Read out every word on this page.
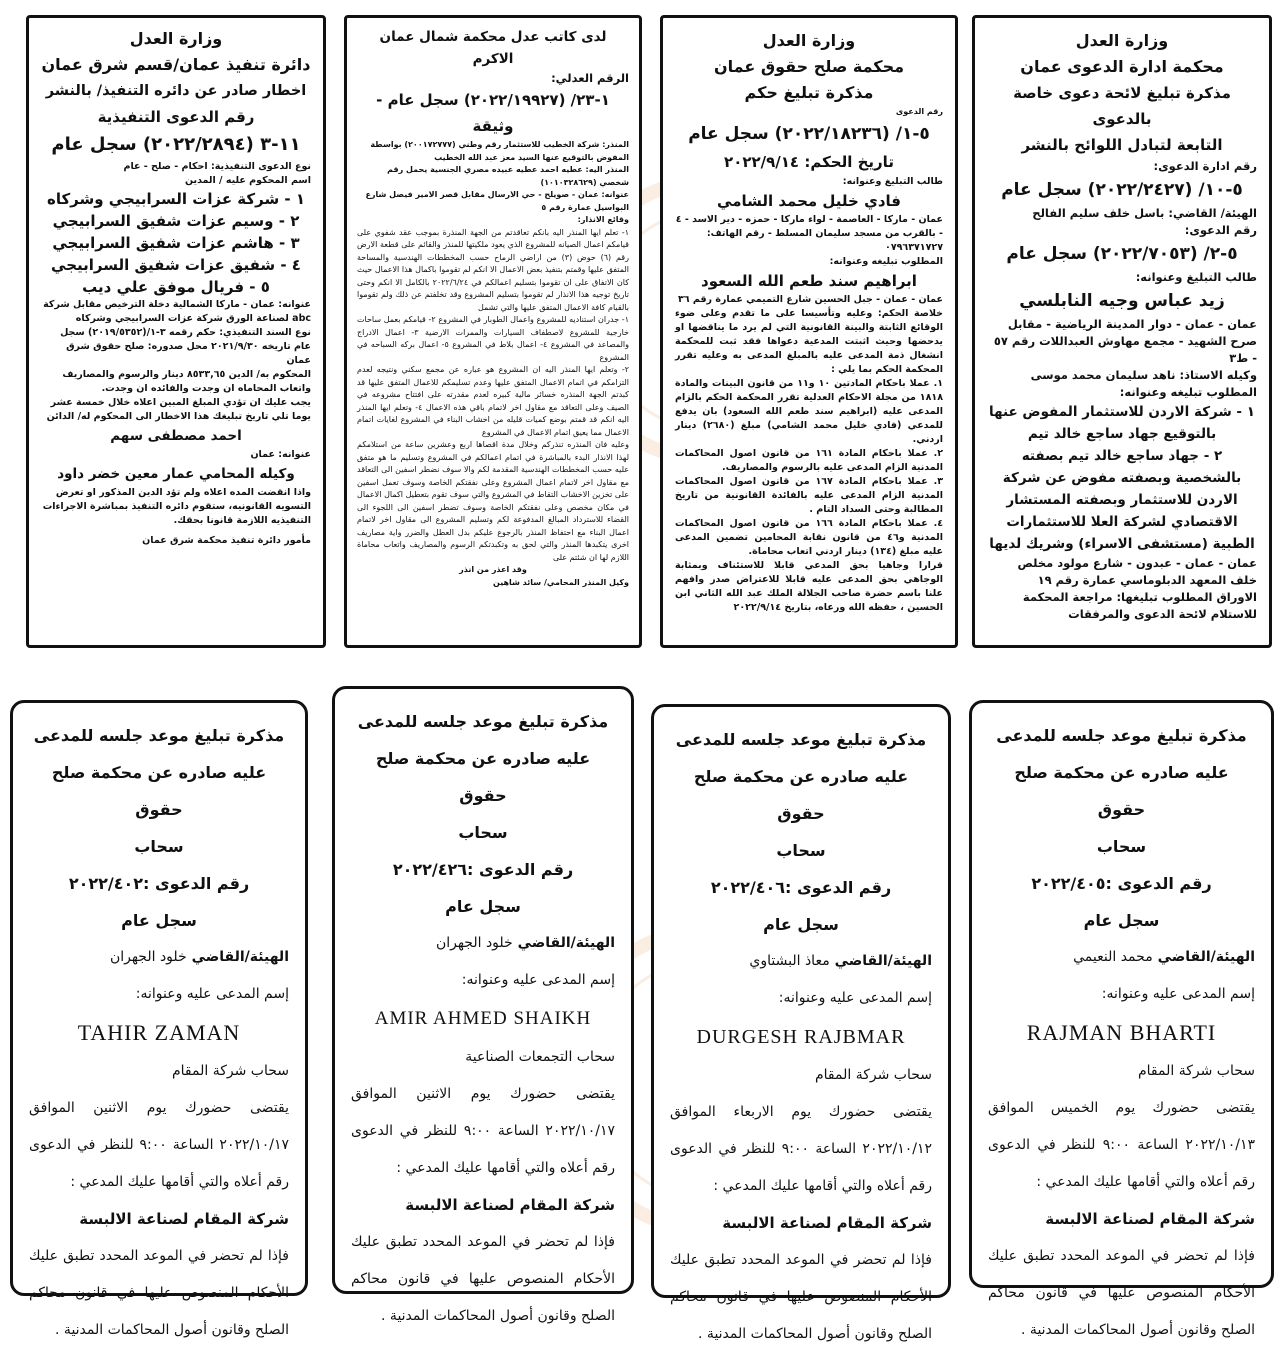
وزارة العدل
محكمة ادارة الدعوى عمان
مذكرة تبليغ لائحة دعوى خاصة بالدعوى
التابعة لتبادل اللوائح بالنشر
رقم ادارة الدعوى:
٥-١٠/ (٢٠٢٢/٢٤٢٧) سجل عام
الهيئة/ القاضي: باسل خلف سليم الفالح
رقم الدعوى:
٥-٢/ (٢٠٢٢/٧٠٥٣) سجل عام
طالب التبليغ وعنوانه:
زيد عباس وجيه النابلسي
عمان - عمان - دوار المدينة الرياضية - مقابل صرح الشهيد - مجمع مهاوش العبداللات رقم ٥٧ - ط٣
وكيله الاستاذ: ناهد سليمان محمد موسى
المطلوب تبليغه وعنوانه:
١ - شركة الاردن للاستثمار المفوض عنها بالتوقيع جهاد ساجع خالد تيم
٢ - جهاد ساجع خالد تيم بصفته بالشخصية وبصفته مفوض عن شركة الاردن للاستثمار وبصفته المستشار الاقتصادي لشركة العلا للاستثمارات الطبية (مستشفى الاسراء) وشريك لديها
عمان - عمان - عبدون - شارع مولود مخلص خلف المعهد الدبلوماسي عمارة رقم ١٩
الاوراق المطلوب تبليغها: مراجعة المحكمة للاستلام لائحة الدعوى والمرفقات
وزارة العدل
محكمة صلح حقوق عمان
مذكرة تبليغ حكم
رقم الدعوى
٥-١/ (٢٠٢٢/١٨٢٣٦) سجل عام
تاريخ الحكم: ٢٠٢٢/٩/١٤
طالب التبليغ وعنوانه:
فادي خليل محمد الشامي
عمان - ماركا - العاصمة - لواء ماركا - حمزه - دير الاسد - ٤ - بالقرب من مسجد سليمان المسلط - رقم الهاتف: ٠٧٩٦٣٧١٧٢٧
المطلوب تبليغه وعنوانه:
ابراهيم سند طعم الله السعود
عمان - عمان - جبل الحسين شارع التميمي عمارة رقم ٣٦
خلاصة الحكم: وعليه وتأسيسا على ما تقدم وعلى ضوء الوقائع الثابتة والبينة القانونية التي لم يرد ما يناقضها او يدحضها وحيث اثبتت المدعية دعواها فقد ثبت للمحكمة انشغال ذمة المدعى عليه بالمبلغ المدعى به وعليه تقرر المحكمة الحكم بما يلي :
١. عملا باحكام المادتين ١٠ و١١ من قانون البينات والمادة ١٨١٨ من مجلة الاحكام العدلية تقرر المحكمة الحكم بالزام المدعى عليه (ابراهيم سند طعم الله السعود) بان يدفع للمدعي (فادي خليل محمد الشامي) مبلغ (٢٦٨٠) دينار اردني.
٢. عملا باحكام المادة ١٦١ من قانون اصول المحاكمات المدنية الزام المدعى عليه بالرسوم والمصاريف.
٣. عملا باحكام المادة ١٦٧ من قانون اصول المحاكمات المدنية الزام المدعى عليه بالفائدة القانونية من تاريخ المطالبة وحتى السداد التام .
٤. عملا باحكام المادة ١٦٦ من قانون اصول المحاكمات المدنية و٤٦ من قانون نقابة المحامين تضمين المدعى عليه مبلغ (١٣٤) دينار اردني اتعاب محاماة.
قرارا وجاهيا بحق المدعي قابلا للاستئناف وبمثابة الوجاهي بحق المدعى عليه قابلا للاعتراض صدر وافهم علنا باسم حضرة صاحب الجلالة الملك عبد الله الثاني ابن الحسين ، حفظه الله ورعاه، بتاريخ ٢٠٢٢/٩/١٤
لدى كاتب عدل محكمة شمال عمان الاكرم
الرقم العدلي:
١-٢٣/ (٢٠٢٢/١٩٩٢٧) سجل عام - وثيقة
المنذر: شركة الخطيب للاستثمار رقم وطني (٢٠٠١٧٢٧٧٧) بواسطة المفوض بالتوقيع عنها السيد معز عبد الله الخطيب
المنذر اليه: عطيه احمد عطيه عبيده مصري الجنسية يحمل رقم شخصي (١٠١٠٣٢٨٦٢٩)
عنوانه: عمان - صويلح - حي الارسال مقابل قصر الامير فيصل شارع البواسيل عمارة رقم ٥
وقائع الانذار:
١- تعلم ايها المنذر اليه بانكم تعاقدتم من الجهة المنذرة بموجب عقد شفوي على قيامكم اعمال الصيانه للمشروع الذي يعود ملكيتها للمنذر والقائم على قطعة الارض رقم (٦) حوض (٣) من اراضي الرماح حسب المخططات الهندسية والمساحة المتفق عليها وقمتم بتنفيذ بعض الاعمال الا انكم لم تقوموا باكمال هذا الاعمال حيث كان الاتفاق على ان تقوموا بتسليم اعمالكم في ٢٠٢٢/٦/٢٤ بالكامل الا انكم وحتى تاريخ توجيه هذا الانذار لم تقوموا بتسليم المشروع وقد تخلفتم عن ذلك ولم تقوموا بالقيام كافة الاعمال المتفق عليها والتي تشمل
١- جدران استناديه للمشروع واعمال الطوبار في المشروع ٢- قيامكم بعمل ساحات خارجية للمشروع لاصطفاف السيارات والممرات الارضية ٣- اعمال الادراج والمصاعد في المشروع ٤- اعمال بلاط في المشروع ٥- اعمال بركه السباحه في المشروع
٢- وتعلم ايها المنذر اليه ان المشروع هو عباره عن مجمع سكني ونتيجه لعدم التزامكم في اتمام الاعمال المتفق عليها وعدم تسليمكم للاعمال المتفق عليها قد كبدتم الجهة المنذره خسائر مالية كبيره لعدم مقدرته على افتتاح مشروعه في الصيف وعلى التعاقد مع مقاول اخر لاتمام باقي هذه الاعمال ٤- وتعلم ايها المنذر اليه انكم قد قمتم بوضع كميات قليله من اخشاب البناء في المشروع لغايات اتمام الاعمال مما يعيق اتمام الاعمال في المشروع
وعليه فان المنذره تنذركم وخلال مدة اقصاها اربع وعشرين ساعة من استلامكم لهذا الانذار البدء بالمباشرة في اتمام اعمالكم في المشروع وتسليم ما هو متفق عليه حسب المخططات الهندسية المقدمة لكم والا سوف نضطر اسفين الى التعاقد مع مقاول اخر لاتمام اعمال المشروع وعلى نفقتكم الخاصة وسوف تعمل اسفين على تخزين الاخشاب التقاط في المشروع والتي سوف تقوم بتعطيل اكمال الاعمال في مكان مخصص وعلى نفقتكم الخاصة وسوف تضطر اسفين الى اللجوء الى القضاء للاسترداد المبالغ المدفوعة لكم وتسليم المشروع الى مقاول اخر لاتمام اعمال البناء مع احتفاظ المنذر بالرجوع عليكم بدل العطل والضرر واية مصاريف اخرى يتكبدها المنذر والتي لحق به وتكبدتكم الرسوم والمصاريف واتعاب محاماة اللازم لها ان شئتم على
وقد اعذر من انذر
وكيل المنذر المحامي/ سائد شاهين
وزارة العدل
دائرة تنفيذ عمان/قسم شرق عمان
اخطار صادر عن دائره التنفيذ/ بالنشر
رقم الدعوى التنفيذية
١١-٣ (٢٠٢٢/٢٨٩٤) سجل عام
نوع الدعوى التنفيذية: احكام - صلح - عام
اسم المحكوم عليه / المدين
١ - شركة عزات السرابيجي وشركاه
٢ - وسيم عزات شفيق السرابيجي
٣ - هاشم عزات شفيق السرابيجي
٤ - شفيق عزات شفيق السرابيجي
٥ - فريال موفق علي ديب
عنوانه: عمان - ماركا الشمالية دخلة الترخيص مقابل شركة abc لصناعة الورق شركة عزات السرابيجي وشركاه
نوع السند التنفيذي: حكم رقمه ٣-١/(٢٠١٩/٥٣٥٢) سجل عام تاريخه ٢٠٢١/٩/٣٠ محل صدوره: صلح حقوق شرق عمان
المحكوم به/ الدين ٨٥٣٣,٦٥ دينار والرسوم والمصاريف واتعاب المحاماه ان وجدت والفائده ان وجدت.
يجب عليك ان تؤدي المبلغ المبين اعلاه خلال خمسة عشر يوما تلي تاريخ تبليغك هذا الاخطار الى المحكوم له/ الدائن
احمد مصطفى سهم
عنوانه: عمان
وكيله المحامي عمار معين خضر داود
واذا انقضت المده اعلاه ولم تؤد الدين المذكور او تعرض التسويه القانونيه، ستقوم دائره التنفيذ بمباشرة الاجراءات التنفيذيه اللازمة قانونا بحقك.
مأمور دائرة تنفيذ محكمة شرق عمان
مذكرة تبليغ موعد جلسه للمدعى
عليه صادره عن محكمة صلح حقوق
سحاب
رقم الدعوى :٢٠٢٢/٤٠٥
سجل عام
الهيئة/القاضي محمد النعيمي
إسم المدعى عليه وعنوانه:
RAJMAN BHARTI
سحاب شركة المقام
يقتضى حضورك يوم الخميس الموافق ٢٠٢٢/١٠/١٣ الساعة ٩:٠٠ للنظر في الدعوى رقم أعلاه والتي أقامها عليك المدعي :
شركة المقام لصناعة الالبسة
فإذا لم تحضر في الموعد المحدد تطبق عليك الأحكام المنصوص عليها في قانون محاكم الصلح وقانون أصول المحاكمات المدنية .
مذكرة تبليغ موعد جلسه للمدعى
عليه صادره عن محكمة صلح حقوق
سحاب
رقم الدعوى :٢٠٢٢/٤٠٦
سجل عام
الهيئة/القاضي معاذ البشتاوي
إسم المدعى عليه وعنوانه:
DURGESH RAJBMAR
سحاب شركة المقام
يقتضى حضورك يوم الاربعاء الموافق ٢٠٢٢/١٠/١٢ الساعة ٩:٠٠ للنظر في الدعوى رقم أعلاه والتي أقامها عليك المدعي :
شركة المقام لصناعة الالبسة
فإذا لم تحضر في الموعد المحدد تطبق عليك الأحكام المنصوص عليها في قانون محاكم الصلح وقانون أصول المحاكمات المدنية .
مذكرة تبليغ موعد جلسه للمدعى
عليه صادره عن محكمة صلح حقوق
سحاب
رقم الدعوى :٢٠٢٢/٤٢٦
سجل عام
الهيئة/القاضي خلود الجهران
إسم المدعى عليه وعنوانه:
AMIR AHMED SHAIKH
سحاب التجمعات الصناعية
يقتضى حضورك يوم الاثنين الموافق ٢٠٢٢/١٠/١٧ الساعة ٩:٠٠ للنظر في الدعوى رقم أعلاه والتي أقامها عليك المدعي :
شركة المقام لصناعة الالبسة
فإذا لم تحضر في الموعد المحدد تطبق عليك الأحكام المنصوص عليها في قانون محاكم الصلح وقانون أصول المحاكمات المدنية .
مذكرة تبليغ موعد جلسه للمدعى
عليه صادره عن محكمة صلح حقوق
سحاب
رقم الدعوى :٢٠٢٢/٤٠٢
سجل عام
الهيئة/القاضي خلود الجهران
إسم المدعى عليه وعنوانه:
TAHIR ZAMAN
سحاب شركة المقام
يقتضى حضورك يوم الاثنين الموافق ٢٠٢٢/١٠/١٧ الساعة ٩:٠٠ للنظر في الدعوى رقم أعلاه والتي أقامها عليك المدعي :
شركة المقام لصناعة الالبسة
فإذا لم تحضر في الموعد المحدد تطبق عليك الأحكام المنصوص عليها في قانون محاكم الصلح وقانون أصول المحاكمات المدنية .
